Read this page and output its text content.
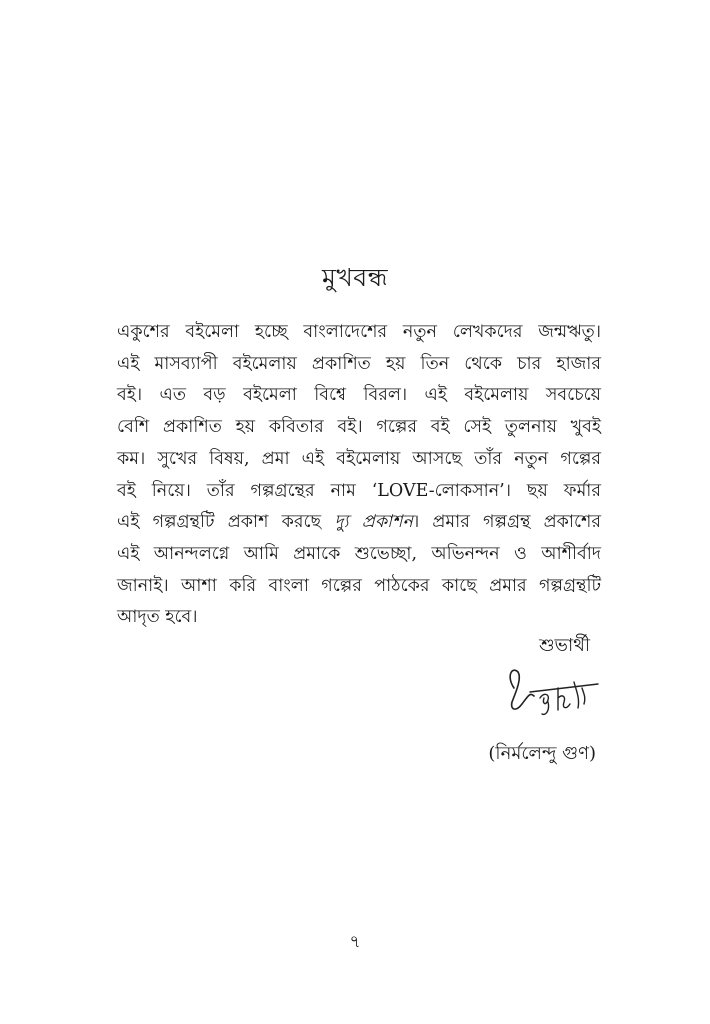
মুখবন্ধ
একুশের বইমেলা হচ্ছে বাংলাদেশের নতুন লেখকদের জন্মঋতু।
এই মাসব্যাপী বইমেলায় প্রকাশিত হয় তিন থেকে চার হাজার
বই। এত বড় বইমেলা বিশ্বে বিরল। এই বইমেলায় সবচেয়ে
বেশি প্রকাশিত হয় কবিতার বই। গল্পের বই সেই তুলনায় খুবই
কম। সুখের বিষয়, প্রমা এই বইমেলায় আসছে তাঁর নতুন গল্পের
বই নিয়ে। তাঁর গল্পগ্রন্থের নাম ‘LOVE-লোকসান’। ছয় ফর্মার
এই গল্পগ্রন্থটি প্রকাশ করছে দ্যু প্রকাশন। প্রমার গল্পগ্রন্থ প্রকাশের
এই আনন্দলগ্নে আমি প্রমাকে শুভেচ্ছা, অভিনন্দন ও আশীর্বাদ
জানাই। আশা করি বাংলা গল্পের পাঠকের কাছে প্রমার গল্পগ্রন্থটি
আদৃত হবে।
শুভার্থী
(নির্মলেন্দু গুণ)
৭
